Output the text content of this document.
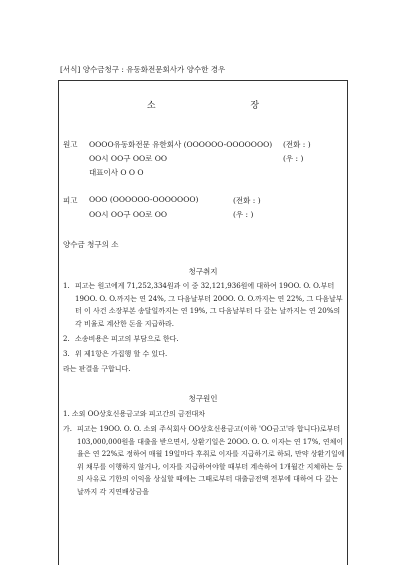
[서식] 양수금청구 : 유동화전문회사가 양수한 경우
소 장
원고	OOOO유동화전문 유한회사 (OOOOOO-OOOOOOO) (전화 : )
OO시 OO구 OO로 OO	(우 : )
대표이사 O O O
피고	OOO (OOOOOO-OOOOOOO)	(전화 : )
OO시 OO구 OO로 OO	(우 : )
양수금 청구의 소
청구취지
1. 피고는 원고에게 71,252,334원과 이 중 32,121,936원에 대하여 19OO. O. O.부터 19OO. O. O.까지는 연 24%, 그 다음날부터 20OO. O. O.까지는 연 22%, 그 다음날부터 이 사건 소장부본 송달일까지는 연 19%, 그 다음날부터 다 갚는 날까지는 연 20%의 각 비율로 계산한 돈을 지급하라.
2. 소송비용은 피고의 부담으로 한다.
3. 위 제1항은 가집행 할 수 있다.
라는 판결을 구합니다.
청구원인
1. 소외 OO상호신용금고와 피고간의 금전대차
가. 피고는 19OO. O. O. 소외 주식회사 OO상호신용금고(이하 'OO금고'라 합니다)로부터 103,000,000원을 대출을 받으면서, 상환기일은 20OO. O. O. 이자는 연 17%, 연체이율은 연 22%로 정하여 매월 19일마다 후취로 이자를 지급하기로 하되, 만약 상환기일에 위 채무를 이행하지 않거나, 이자를 지급하여야할 때부터 계속하여 1개월간 지체하는 등의 사유로 기한의 이익을 상실할 때에는 그때로부터 대출금전액 전부에 대하여 다 갚는 날까지 각 지연배상금을
